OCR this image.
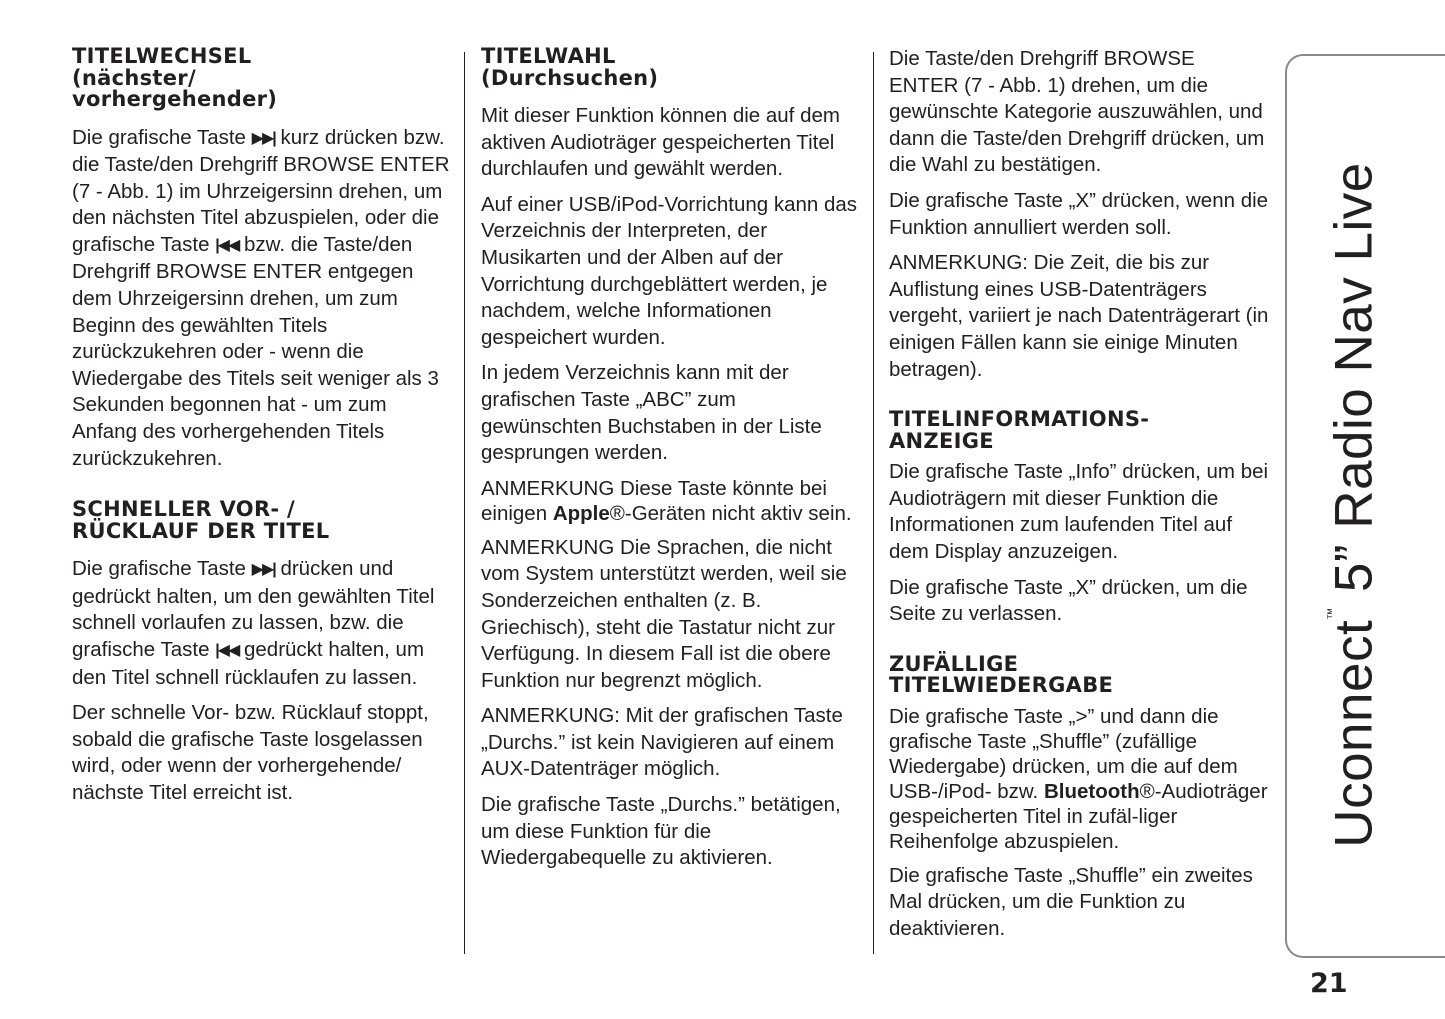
TITELWECHSEL (nächster/ vorhergehender)

Die grafische Taste ▶▶| kurz drücken bzw. die Taste/den Drehgriff BROWSE ENTER (7 - Abb. 1) im Uhrzeigersinn drehen, um den nächsten Titel abzuspielen, oder die grafische Taste |◀◀ bzw. die Taste/den Drehgriff BROWSE ENTER entgegen dem Uhrzeigersinn drehen, um zum Beginn des gewählten Titels zurückzukehren oder - wenn die Wiedergabe des Titels seit weniger als 3 Sekunden begonnen hat - um zum Anfang des vorhergehenden Titels zurückzukehren.

SCHNELLER VOR- / RÜCKLAUF DER TITEL

Die grafische Taste ▶▶| drücken und gedrückt halten, um den gewählten Titel schnell vorlaufen zu lassen, bzw. die grafische Taste |◀◀ gedrückt halten, um den Titel schnell rücklaufen zu lassen.

Der schnelle Vor- bzw. Rücklauf stoppt, sobald die grafische Taste losgelassen wird, oder wenn der vorhergehende/ nächste Titel erreicht ist.

TITELWAHL (Durchsuchen)

Mit dieser Funktion können die auf dem aktiven Audioträger gespeicherten Titel durchlaufen und gewählt werden.

Auf einer USB/iPod-Vorrichtung kann das Verzeichnis der Interpreten, der Musikarten und der Alben auf der Vorrichtung durchgeblättert werden, je nachdem, welche Informationen gespeichert wurden.

In jedem Verzeichnis kann mit der grafischen Taste „ABC” zum gewünschten Buchstaben in der Liste gesprungen werden.

ANMERKUNG Diese Taste könnte bei einigen Apple®-Geräten nicht aktiv sein.

ANMERKUNG Die Sprachen, die nicht vom System unterstützt werden, weil sie Sonderzeichen enthalten (z. B. Griechisch), steht die Tastatur nicht zur Verfügung. In diesem Fall ist die obere Funktion nur begrenzt möglich.

ANMERKUNG: Mit der grafischen Taste „Durchs.” ist kein Navigieren auf einem AUX-Datenträger möglich.

Die grafische Taste „Durchs.” betätigen, um diese Funktion für die Wiedergabequelle zu aktivieren.

Die Taste/den Drehgriff BROWSE ENTER (7 - Abb. 1) drehen, um die gewünschte Kategorie auszuwählen, und dann die Taste/den Drehgriff drücken, um die Wahl zu bestätigen.

Die grafische Taste „X” drücken, wenn die Funktion annulliert werden soll.

ANMERKUNG: Die Zeit, die bis zur Auflistung eines USB-Datenträgers vergeht, variiert je nach Datenträgerart (in einigen Fällen kann sie einige Minuten betragen).

TITELINFORMATIONS- ANZEIGE

Die grafische Taste „Info” drücken, um bei Audioträgern mit dieser Funktion die Informationen zum laufenden Titel auf dem Display anzuzeigen.

Die grafische Taste „X” drücken, um die Seite zu verlassen.

ZUFÄLLIGE TITELWIEDERGABE

Die grafische Taste „>” und dann die grafische Taste „Shuffle” (zufällige Wiedergabe) drücken, um die auf dem USB-/iPod- bzw. Bluetooth®-Audioträger gespeicherten Titel in zufäl-liger Reihenfolge abzuspielen.

Die grafische Taste „Shuffle” ein zweites Mal drücken, um die Funktion zu deaktivieren.

Uconnect™ 5” Radio Nav Live
21
